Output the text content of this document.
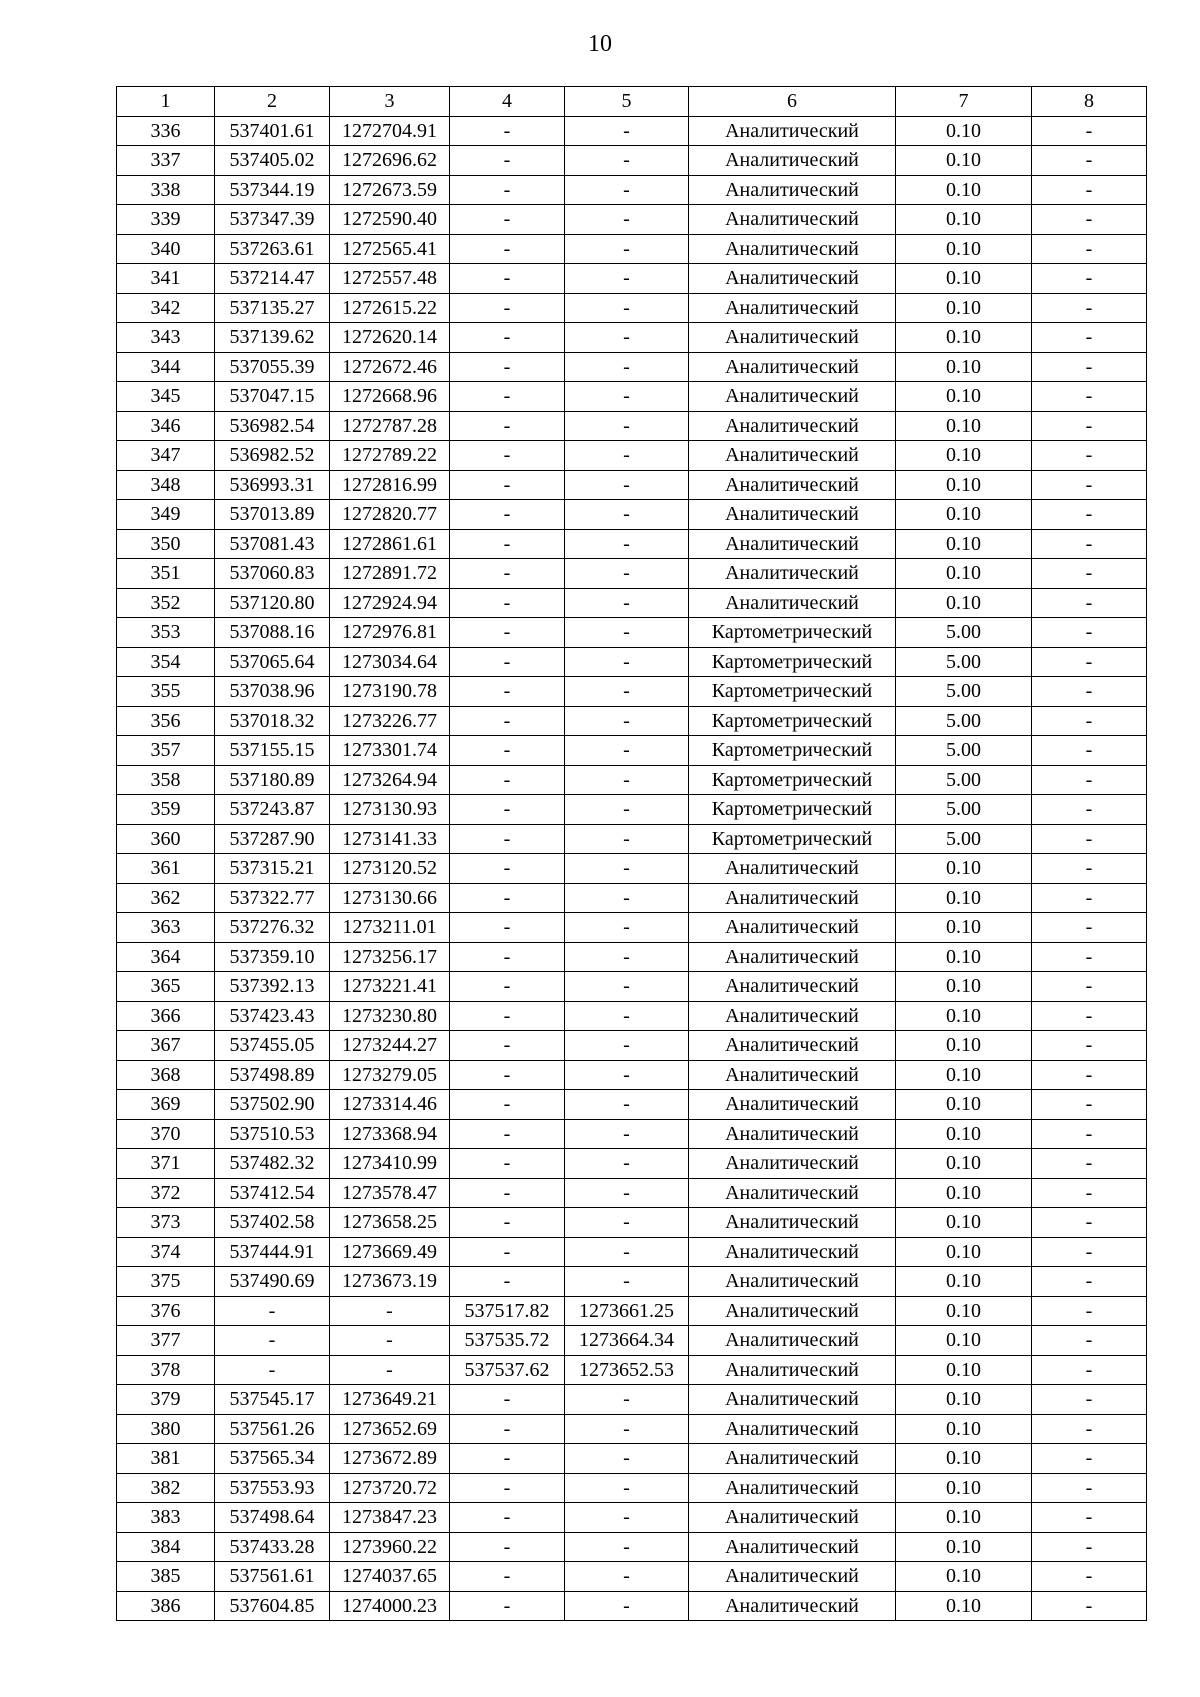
10
1	2	3	4	5	6	7	8
336	537401.61	1272704.91	-	-	Аналитический	0.10	-
337	537405.02	1272696.62	-	-	Аналитический	0.10	-
338	537344.19	1272673.59	-	-	Аналитический	0.10	-
339	537347.39	1272590.40	-	-	Аналитический	0.10	-
340	537263.61	1272565.41	-	-	Аналитический	0.10	-
341	537214.47	1272557.48	-	-	Аналитический	0.10	-
342	537135.27	1272615.22	-	-	Аналитический	0.10	-
343	537139.62	1272620.14	-	-	Аналитический	0.10	-
344	537055.39	1272672.46	-	-	Аналитический	0.10	-
345	537047.15	1272668.96	-	-	Аналитический	0.10	-
346	536982.54	1272787.28	-	-	Аналитический	0.10	-
347	536982.52	1272789.22	-	-	Аналитический	0.10	-
348	536993.31	1272816.99	-	-	Аналитический	0.10	-
349	537013.89	1272820.77	-	-	Аналитический	0.10	-
350	537081.43	1272861.61	-	-	Аналитический	0.10	-
351	537060.83	1272891.72	-	-	Аналитический	0.10	-
352	537120.80	1272924.94	-	-	Аналитический	0.10	-
353	537088.16	1272976.81	-	-	Картометрический	5.00	-
354	537065.64	1273034.64	-	-	Картометрический	5.00	-
355	537038.96	1273190.78	-	-	Картометрический	5.00	-
356	537018.32	1273226.77	-	-	Картометрический	5.00	-
357	537155.15	1273301.74	-	-	Картометрический	5.00	-
358	537180.89	1273264.94	-	-	Картометрический	5.00	-
359	537243.87	1273130.93	-	-	Картометрический	5.00	-
360	537287.90	1273141.33	-	-	Картометрический	5.00	-
361	537315.21	1273120.52	-	-	Аналитический	0.10	-
362	537322.77	1273130.66	-	-	Аналитический	0.10	-
363	537276.32	1273211.01	-	-	Аналитический	0.10	-
364	537359.10	1273256.17	-	-	Аналитический	0.10	-
365	537392.13	1273221.41	-	-	Аналитический	0.10	-
366	537423.43	1273230.80	-	-	Аналитический	0.10	-
367	537455.05	1273244.27	-	-	Аналитический	0.10	-
368	537498.89	1273279.05	-	-	Аналитический	0.10	-
369	537502.90	1273314.46	-	-	Аналитический	0.10	-
370	537510.53	1273368.94	-	-	Аналитический	0.10	-
371	537482.32	1273410.99	-	-	Аналитический	0.10	-
372	537412.54	1273578.47	-	-	Аналитический	0.10	-
373	537402.58	1273658.25	-	-	Аналитический	0.10	-
374	537444.91	1273669.49	-	-	Аналитический	0.10	-
375	537490.69	1273673.19	-	-	Аналитический	0.10	-
376	-	-	537517.82	1273661.25	Аналитический	0.10	-
377	-	-	537535.72	1273664.34	Аналитический	0.10	-
378	-	-	537537.62	1273652.53	Аналитический	0.10	-
379	537545.17	1273649.21	-	-	Аналитический	0.10	-
380	537561.26	1273652.69	-	-	Аналитический	0.10	-
381	537565.34	1273672.89	-	-	Аналитический	0.10	-
382	537553.93	1273720.72	-	-	Аналитический	0.10	-
383	537498.64	1273847.23	-	-	Аналитический	0.10	-
384	537433.28	1273960.22	-	-	Аналитический	0.10	-
385	537561.61	1274037.65	-	-	Аналитический	0.10	-
386	537604.85	1274000.23	-	-	Аналитический	0.10	-
